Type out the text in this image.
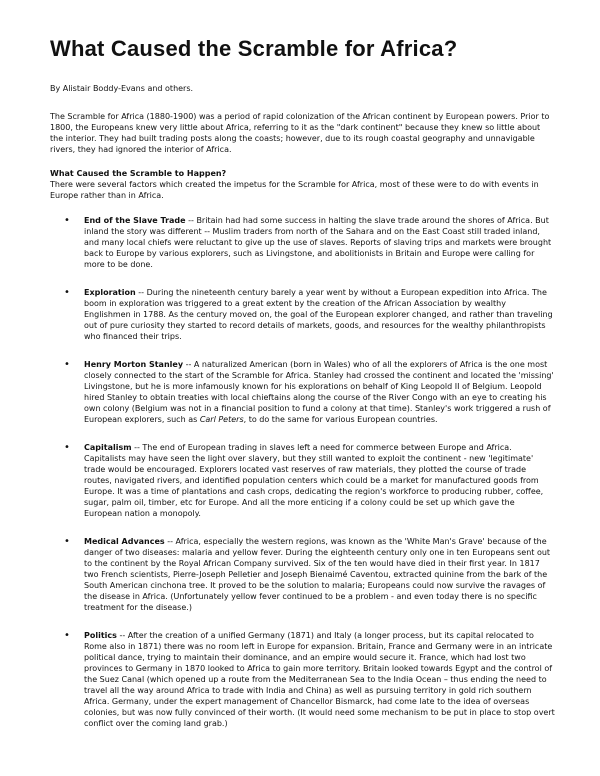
What Caused the Scramble for Africa?

By Alistair Boddy-Evans and others.

The Scramble for Africa (1880-1900) was a period of rapid colonization of the African continent by European powers. Prior to 1800, the Europeans knew very little about Africa, referring to it as the "dark continent" because they knew so little about the interior. They had built trading posts along the coasts; however, due to its rough coastal geography and unnavigable rivers, they had ignored the interior of Africa.

What Caused the Scramble to Happen?

There were several factors which created the impetus for the Scramble for Africa, most of these were to do with events in Europe rather than in Africa.

• End of the Slave Trade -- Britain had had some success in halting the slave trade around the shores of Africa. But inland the story was different -- Muslim traders from north of the Sahara and on the East Coast still traded inland, and many local chiefs were reluctant to give up the use of slaves. Reports of slaving trips and markets were brought back to Europe by various explorers, such as Livingstone, and abolitionists in Britain and Europe were calling for more to be done.
• Exploration -- During the nineteenth century barely a year went by without a European expedition into Africa. The boom in exploration was triggered to a great extent by the creation of the African Association by wealthy Englishmen in 1788. As the century moved on, the goal of the European explorer changed, and rather than traveling out of pure curiosity they started to record details of markets, goods, and resources for the wealthy philanthropists who financed their trips.
• Henry Morton Stanley -- A naturalized American (born in Wales) who of all the explorers of Africa is the one most closely connected to the start of the Scramble for Africa. Stanley had crossed the continent and located the 'missing' Livingstone, but he is more infamously known for his explorations on behalf of King Leopold II of Belgium. Leopold hired Stanley to obtain treaties with local chieftains along the course of the River Congo with an eye to creating his own colony (Belgium was not in a financial position to fund a colony at that time). Stanley's work triggered a rush of European explorers, such as Carl Peters, to do the same for various European countries.
• Capitalism -- The end of European trading in slaves left a need for commerce between Europe and Africa. Capitalists may have seen the light over slavery, but they still wanted to exploit the continent - new 'legitimate' trade would be encouraged. Explorers located vast reserves of raw materials, they plotted the course of trade routes, navigated rivers, and identified population centers which could be a market for manufactured goods from Europe. It was a time of plantations and cash crops, dedicating the region's workforce to producing rubber, coffee, sugar, palm oil, timber, etc for Europe. And all the more enticing if a colony could be set up which gave the European nation a monopoly.
• Medical Advances -- Africa, especially the western regions, was known as the 'White Man's Grave' because of the danger of two diseases: malaria and yellow fever. During the eighteenth century only one in ten Europeans sent out to the continent by the Royal African Company survived. Six of the ten would have died in their first year. In 1817 two French scientists, Pierre-Joseph Pelletier and Joseph Bienaimé Caventou, extracted quinine from the bark of the South American cinchona tree. It proved to be the solution to malaria; Europeans could now survive the ravages of the disease in Africa. (Unfortunately yellow fever continued to be a problem - and even today there is no specific treatment for the disease.)
• Politics -- After the creation of a unified Germany (1871) and Italy (a longer process, but its capital relocated to Rome also in 1871) there was no room left in Europe for expansion. Britain, France and Germany were in an intricate political dance, trying to maintain their dominance, and an empire would secure it. France, which had lost two provinces to Germany in 1870 looked to Africa to gain more territory. Britain looked towards Egypt and the control of the Suez Canal (which opened up a route from the Mediterranean Sea to the India Ocean – thus ending the need to travel all the way around Africa to trade with India and China) as well as pursuing territory in gold rich southern Africa. Germany, under the expert management of Chancellor Bismarck, had come late to the idea of overseas colonies, but was now fully convinced of their worth. (It would need some mechanism to be put in place to stop overt conflict over the coming land grab.)
